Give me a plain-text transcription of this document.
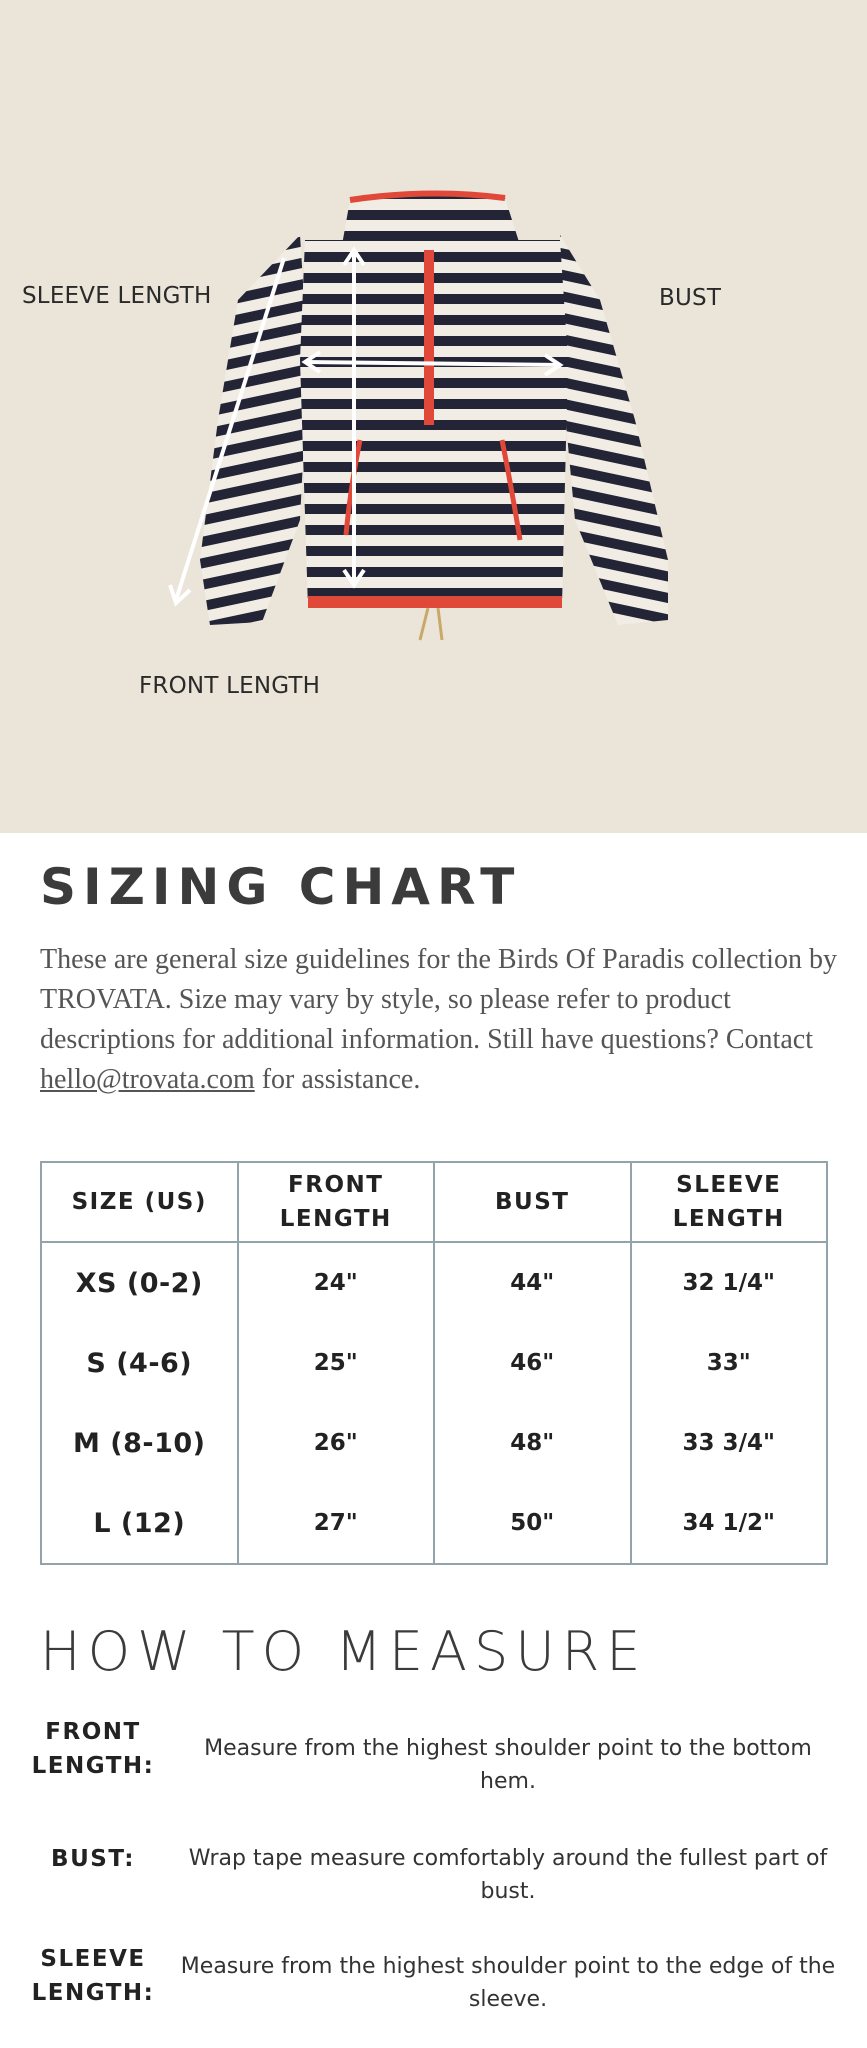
SLEEVE LENGTH	BUST
FRONT LENGTH
SIZING CHART
These are general size guidelines for the Birds Of Paradis collection by TROVATA. Size may vary by style, so please refer to product descriptions for additional information. Still have questions? Contact hello@trovata.com for assistance.
SIZE (US)	FRONT LENGTH	BUST	SLEEVE LENGTH
XS (0-2)	24"	44"	32 1/4"
S (4-6)	25"	46"	33"
M (8-10)	26"	48"	33 3/4"
L (12)	27"	50"	34 1/2"
HOW TO MEASURE
FRONT LENGTH:
Measure from the highest shoulder point to the bottom hem.
BUST:	Wrap tape measure comfortably around the fullest part of bust.
SLEEVE LENGTH:
Measure from the highest shoulder point to the edge of the sleeve.
